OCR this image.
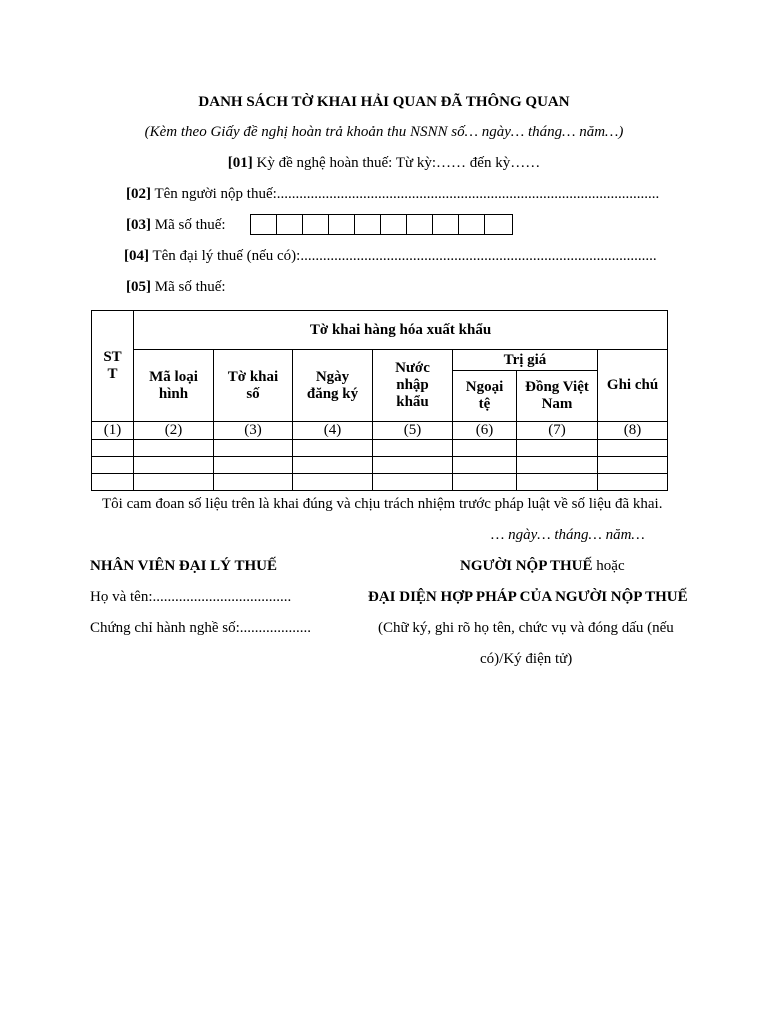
DANH SÁCH TỜ KHAI HẢI QUAN ĐÃ THÔNG QUAN
(Kèm theo Giấy đề nghị hoàn trả khoản thu NSNN số… ngày… tháng… năm…)
[01] Kỳ đề nghệ hoàn thuế: Từ kỳ:…… đến kỳ……
[02] Tên người nộp thuế:......................................................................................................
[03] Mã số thuế:
[04] Tên đại lý thuế (nếu có):...............................................................................................
[05] Mã số thuế:
ST T	Tờ khai hàng hóa xuất khẩu						
	Mã loại hình	Tờ khai số	Ngày đăng ký	Nước nhập khẩu	Trị giá		Ghi chú
					Ngoại tệ	Đồng Việt Nam	
(1)	(2)	(3)	(4)	(5)	(6)	(7)	(8)

Tôi cam đoan số liệu trên là khai đúng và chịu trách nhiệm trước pháp luật về số liệu đã khai.
… ngày… tháng… năm…
NHÂN VIÊN ĐẠI LÝ THUẾ
Họ và tên:.....................................
Chứng chỉ hành nghề số:...................
NGƯỜI NỘP THUẾ hoặc
ĐẠI DIỆN HỢP PHÁP CỦA NGƯỜI NỘP THUẾ
(Chữ ký, ghi rõ họ tên, chức vụ và đóng dấu (nếu
có)/Ký điện tử)
